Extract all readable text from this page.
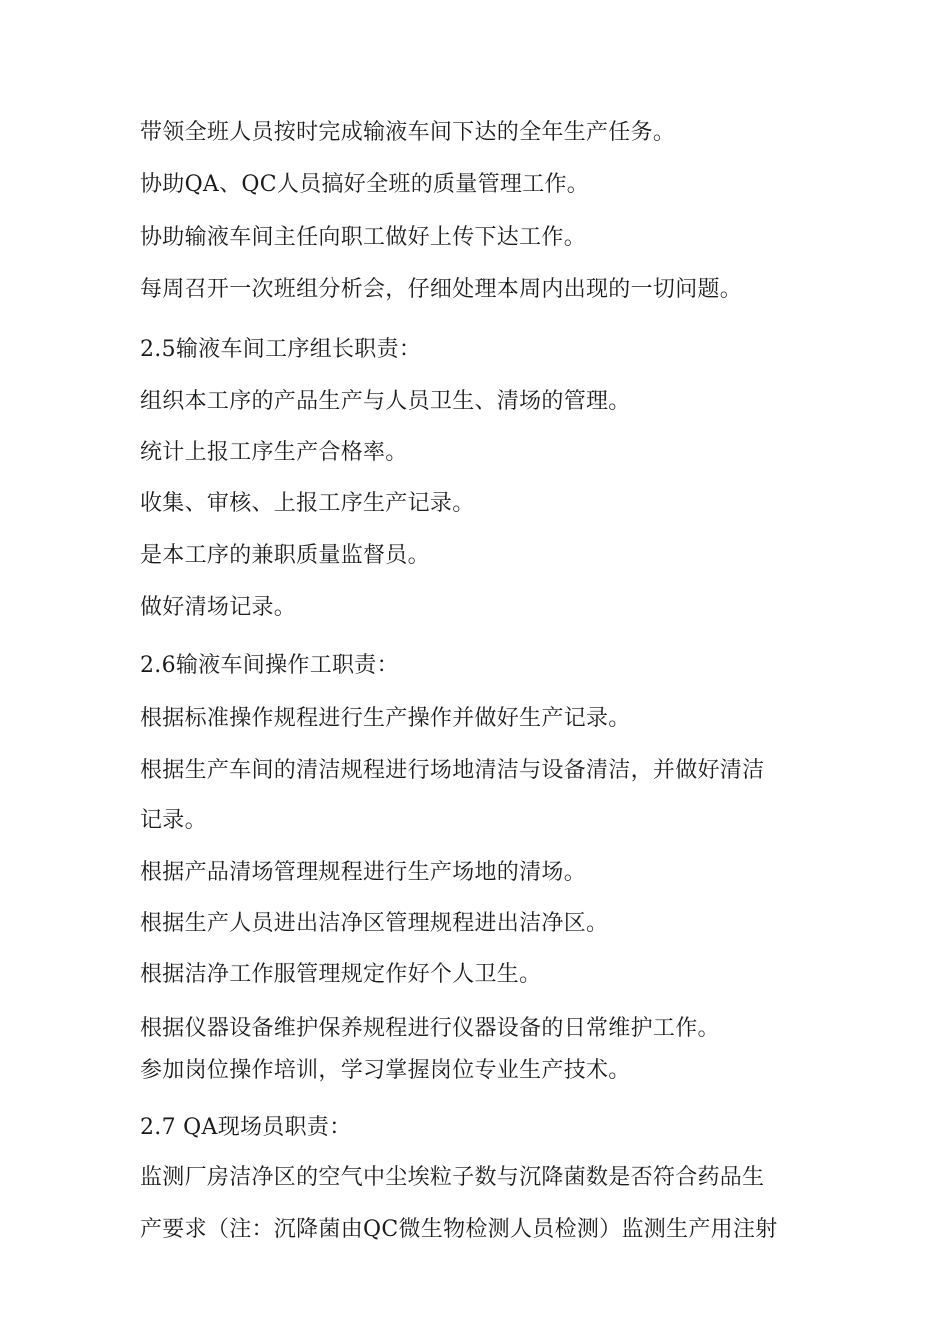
带领全班人员按时完成输液车间下达的全年生产任务。
协助QA、QC人员搞好全班的质量管理工作。
协助输液车间主任向职工做好上传下达工作。
每周召开一次班组分析会，仔细处理本周内出现的一切问题。
2.5输液车间工序组长职责：
组织本工序的产品生产与人员卫生、清场的管理。
统计上报工序生产合格率。
收集、审核、上报工序生产记录。
是本工序的兼职质量监督员。
做好清场记录。
2.6输液车间操作工职责：
根据标准操作规程进行生产操作并做好生产记录。
根据生产车间的清洁规程进行场地清洁与设备清洁，并做好清洁
记录。
根据产品清场管理规程进行生产场地的清场。
根据生产人员进出洁净区管理规程进出洁净区。
根据洁净工作服管理规定作好个人卫生。
根据仪器设备维护保养规程进行仪器设备的日常维护工作。
参加岗位操作培训，学习掌握岗位专业生产技术。
2.7 QA现场员职责：
监测厂房洁净区的空气中尘埃粒子数与沉降菌数是否符合药品生
产要求（注：沉降菌由QC微生物检测人员检测）监测生产用注射
